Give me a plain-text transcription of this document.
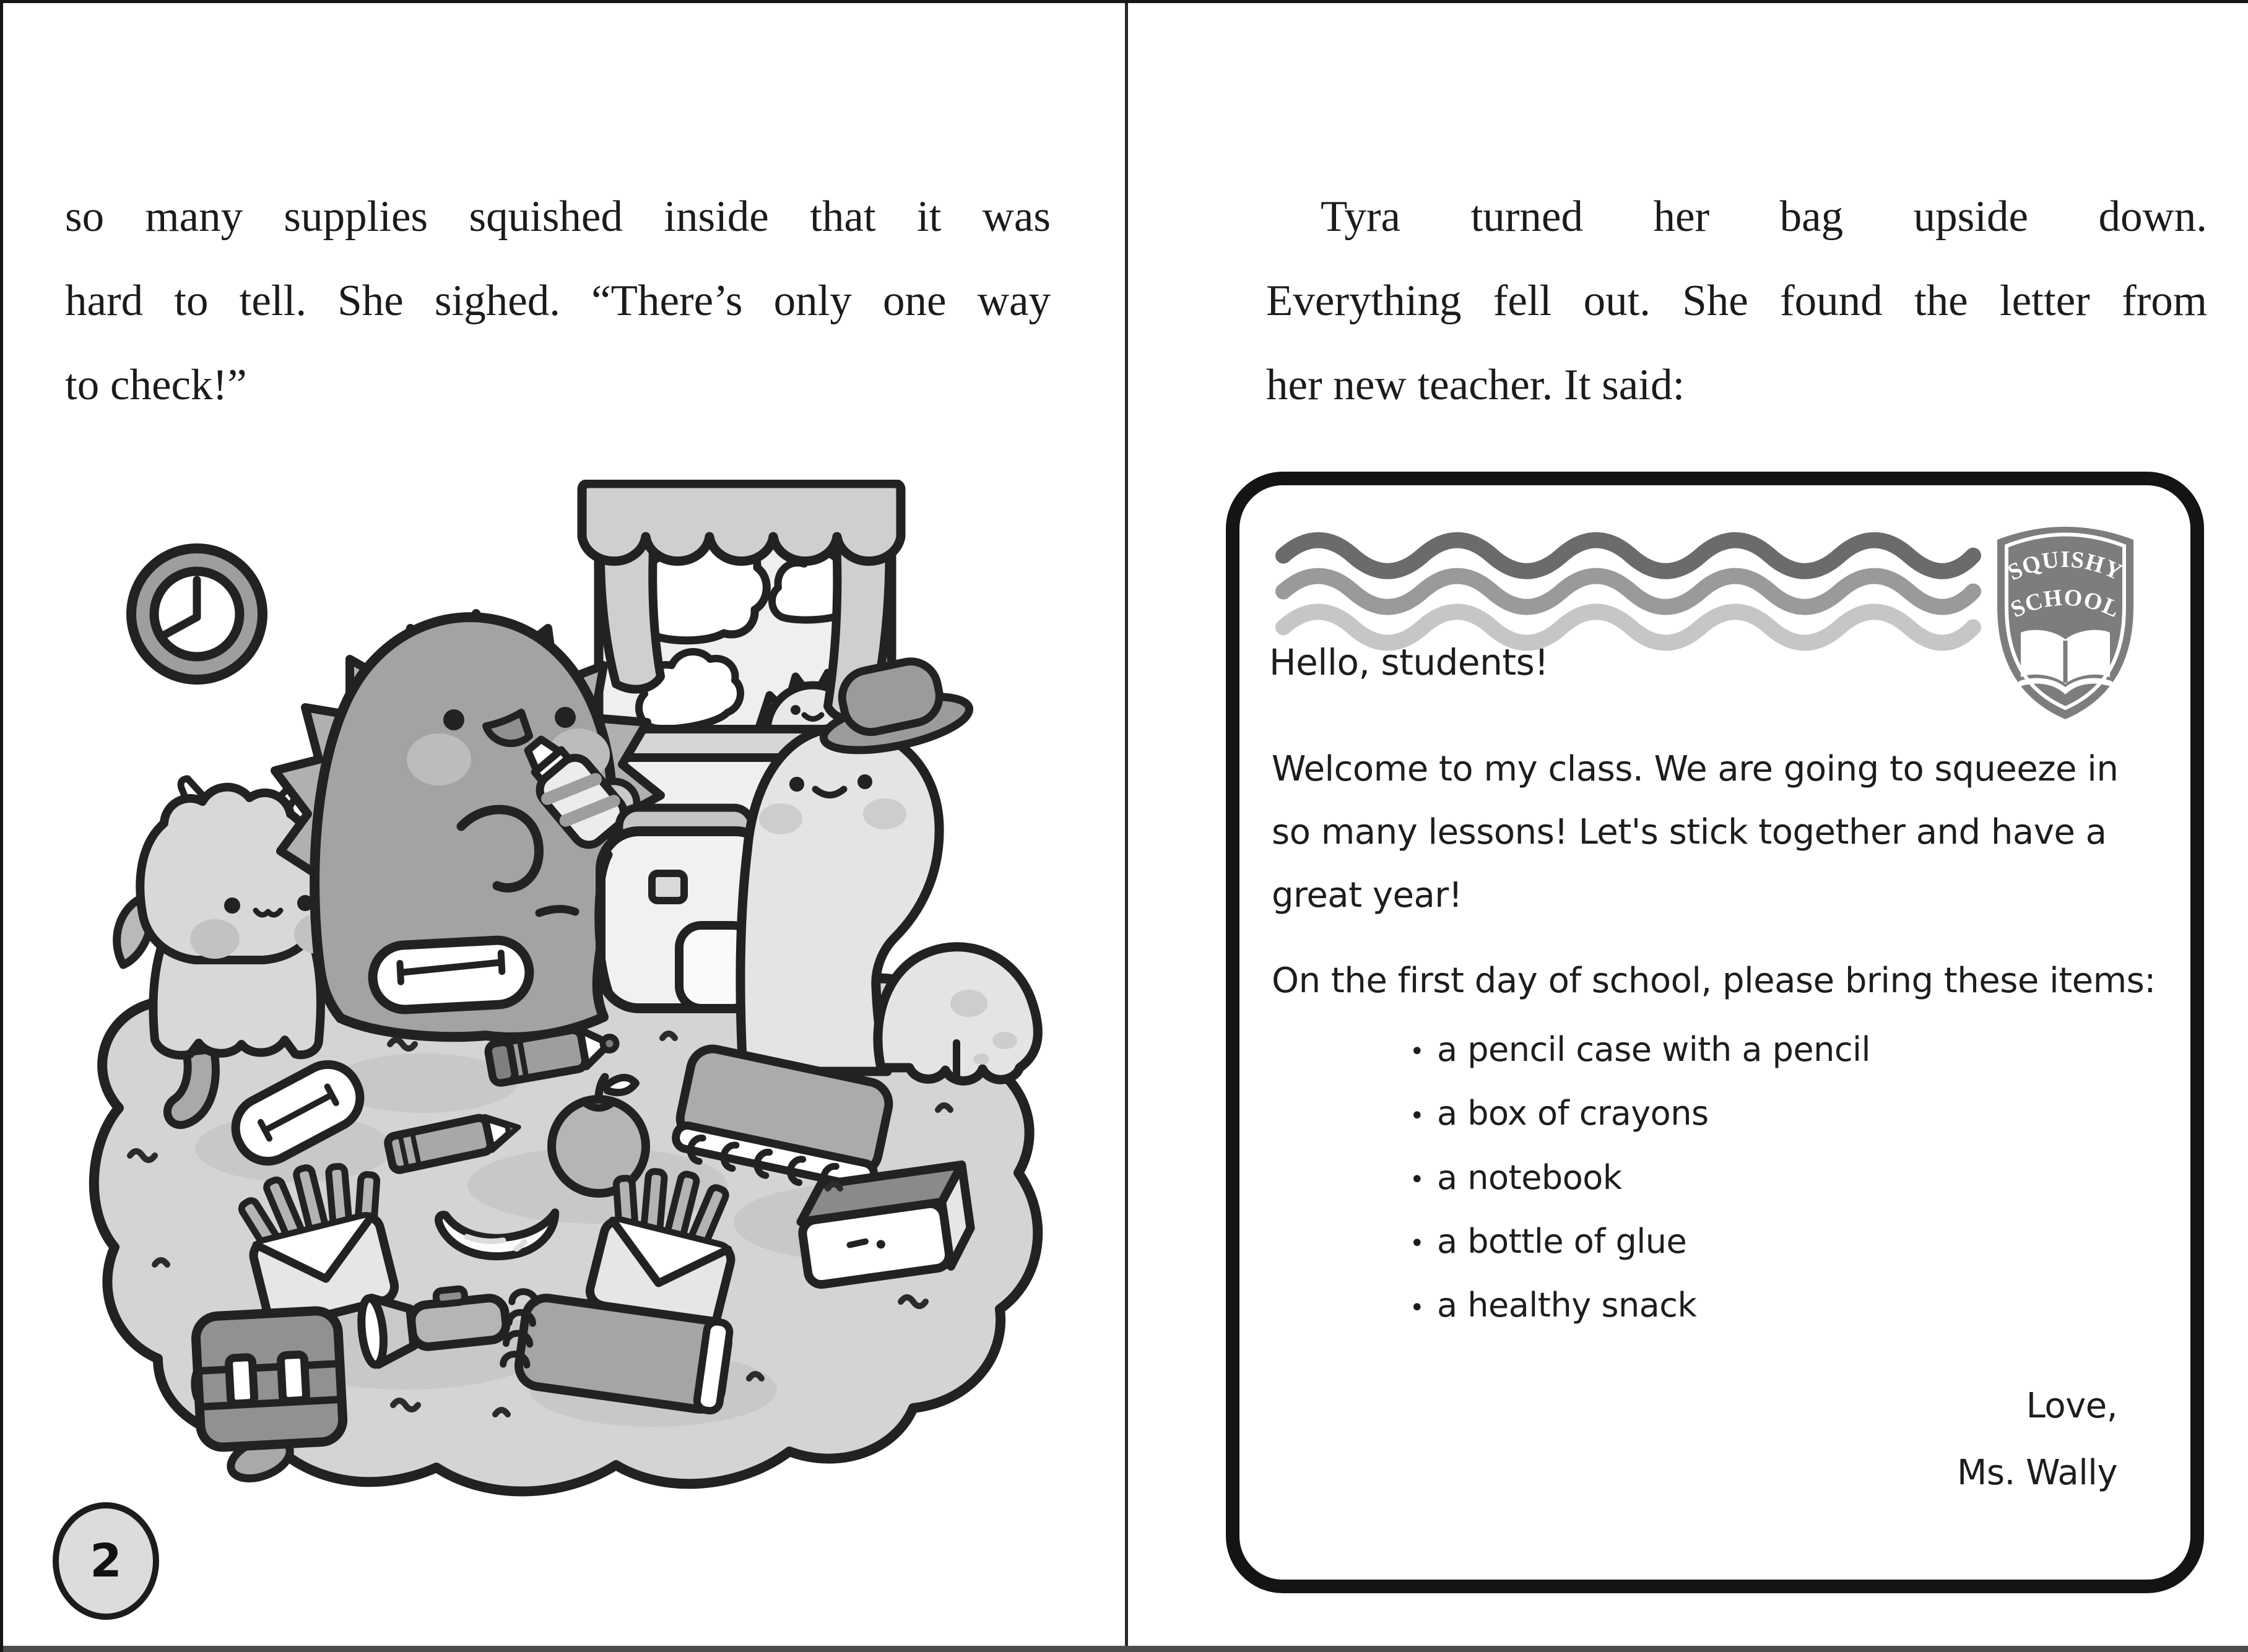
so many supplies squished inside that it was
hard to tell. She sighed. “There’s only one way
to check!”
2
Tyra turned her bag upside down.
Everything fell out. She found the letter from
her new teacher. It said:
SQUISHY
SCHOOL
Hello, students!
Welcome to my class. We are going to squeeze in
so many lessons! Let's stick together and have a
great year!
On the first day of school, please bring these items:
• a pencil case with a pencil
• a box of crayons
• a notebook
• a bottle of glue
• a healthy snack
Love,
Ms. Wally
